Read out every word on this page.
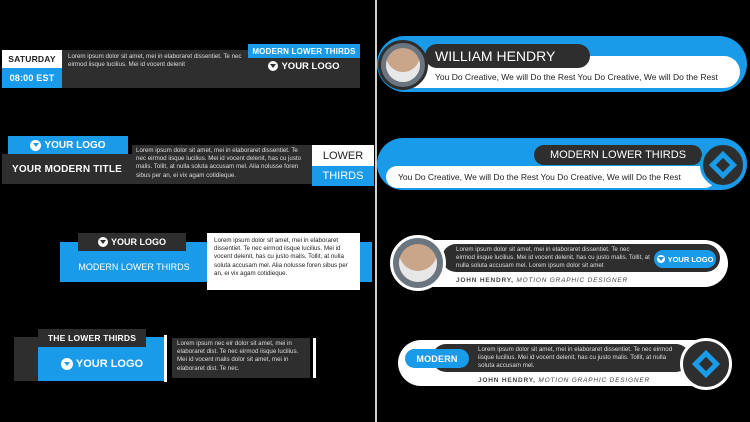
SATURDAY
08:00 EST
Lorem ipsum dolor sit amet, mei in elaboraret dissentiet. Te nec eirmod iisque lucilius. Mei id vocent delenit
MODERN LOWER THIRDS
YOUR LOGO
YOUR LOGO
YOUR MODERN TITLE
Lorem ipsum dolor sit amet, mei in elaboraret dissentiet. Te nec eirmod iisque lucilius. Mei id vocent delenit, has cu justo malis. Tollit, at nulla soluta accusam mel. Alia nolusse foren sibus per an, ei vix agam cotidieque.
LOWER
THIRDS
YOUR LOGO
MODERN LOWER THIRDS
Lorem ipsum dolor sit amet, mei in elaboraret dissentiet. Te nec eirmod iisque lucilius. Mei id vocent delenit, has cu justo malis. Tollit, at nulla soluta accusam mel. Alia nolusse foren sibus per an, ei vix agam cotidieque.
THE LOWER THIRDS
YOUR LOGO
Lorem ipsum nec eir dolor sit amet, mei in elaboraret dist. Te nec eirmod iisque lucilius. Mei id vocent malis dolor sit amet, mei in elaboraret dist. Te nec.
WILLIAM HENDRY
You Do Creative, We will Do the Rest You Do Creative, We will Do the Rest
MODERN LOWER THIRDS
You Do Creative, We will Do the Rest You Do Creative, We will Do the Rest
Lorem ipsum dolor sit amet, mei in elaboraret dissentiet. Te nec eirmod iisque lucilius. Mei id vocent delenit, has cu justo malis. Tollit, at nulla soluta accusam mel. Lorem ipsum dolor sit amet
YOUR LOGO
JOHN HENDRY, MOTION GRAPHIC DESIGNER
Lorem ipsum dolor sit amet, mei in elaboraret dissentiet. Te nec eirmod iisque lucilius. Mei id vocent delenit, has cu justo malis. Tollit, at nulla soluta accusam mel.
MODERN
JOHN HENDRY, MOTION GRAPHIC DESIGNER
